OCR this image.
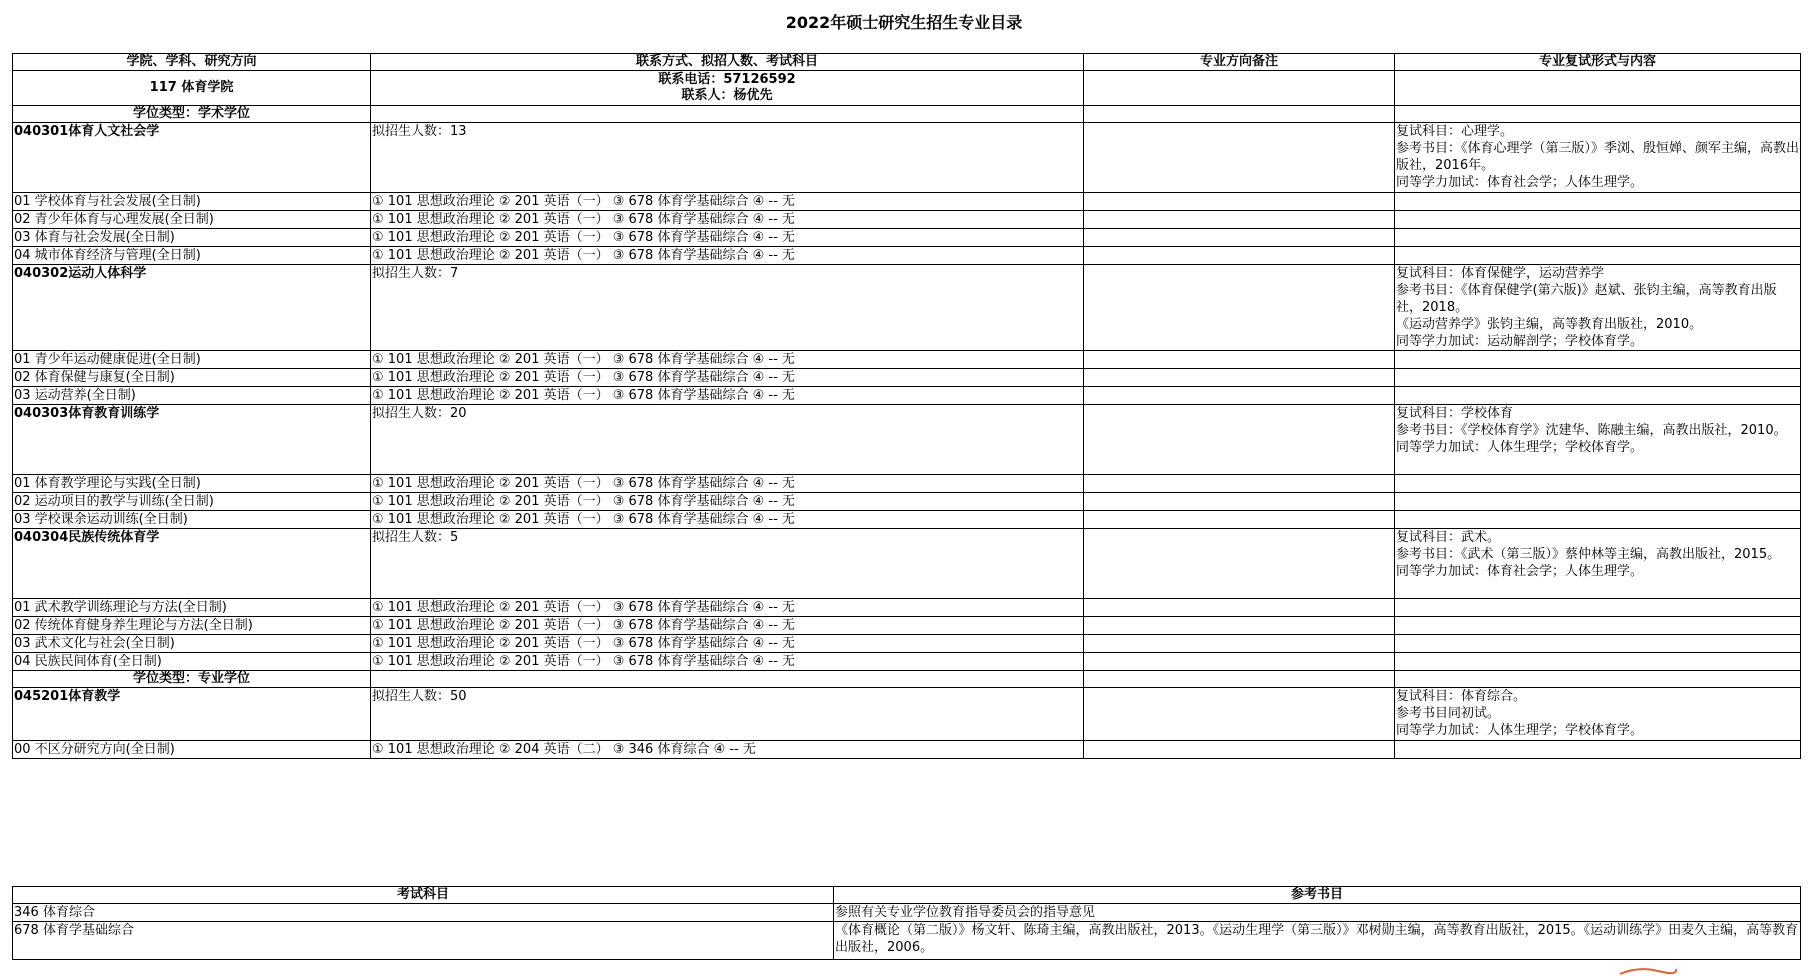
2022年硕士研究生招生专业目录
学院、学科、研究方向	联系方式、拟招人数、考试科目	专业方向备注	专业复试形式与内容
117 体育学院	联系电话：57126592
联系人：杨优先		
学位类型：学术学位			
040301体育人文社会学	拟招生人数：13		复试科目：心理学。
参考书目：《体育心理学（第三版）》季浏、殷恒婵、颜军主编，高教出版社，2016年。
同等学力加试：体育社会学；人体生理学。
01 学校体育与社会发展(全日制)	① 101 思想政治理论 ② 201 英语（一） ③ 678 体育学基础综合 ④ -- 无		
02 青少年体育与心理发展(全日制)	① 101 思想政治理论 ② 201 英语（一） ③ 678 体育学基础综合 ④ -- 无		
03 体育与社会发展(全日制)	① 101 思想政治理论 ② 201 英语（一） ③ 678 体育学基础综合 ④ -- 无		
04 城市体育经济与管理(全日制)	① 101 思想政治理论 ② 201 英语（一） ③ 678 体育学基础综合 ④ -- 无		
040302运动人体科学	拟招生人数：7		复试科目：体育保健学，运动营养学
参考书目：《体育保健学(第六版)》赵斌、张钧主编，高等教育出版社，2018。
《运动营养学》张钧主编，高等教育出版社，2010。
同等学力加试：运动解剖学；学校体育学。
01 青少年运动健康促进(全日制)	① 101 思想政治理论 ② 201 英语（一） ③ 678 体育学基础综合 ④ -- 无		
02 体育保健与康复(全日制)	① 101 思想政治理论 ② 201 英语（一） ③ 678 体育学基础综合 ④ -- 无		
03 运动营养(全日制)	① 101 思想政治理论 ② 201 英语（一） ③ 678 体育学基础综合 ④ -- 无		
040303体育教育训练学	拟招生人数：20		复试科目：学校体育
参考书目：《学校体育学》沈建华、陈融主编，高教出版社，2010。
同等学力加试：人体生理学；学校体育学。
01 体育教学理论与实践(全日制)	① 101 思想政治理论 ② 201 英语（一） ③ 678 体育学基础综合 ④ -- 无		
02 运动项目的教学与训练(全日制)	① 101 思想政治理论 ② 201 英语（一） ③ 678 体育学基础综合 ④ -- 无		
03 学校课余运动训练(全日制)	① 101 思想政治理论 ② 201 英语（一） ③ 678 体育学基础综合 ④ -- 无		
040304民族传统体育学	拟招生人数：5		复试科目：武术。
参考书目：《武术（第三版）》蔡仲林等主编，高教出版社，2015。
同等学力加试：体育社会学；人体生理学。
01 武术教学训练理论与方法(全日制)	① 101 思想政治理论 ② 201 英语（一） ③ 678 体育学基础综合 ④ -- 无		
02 传统体育健身养生理论与方法(全日制)	① 101 思想政治理论 ② 201 英语（一） ③ 678 体育学基础综合 ④ -- 无		
03 武术文化与社会(全日制)	① 101 思想政治理论 ② 201 英语（一） ③ 678 体育学基础综合 ④ -- 无		
04 民族民间体育(全日制)	① 101 思想政治理论 ② 201 英语（一） ③ 678 体育学基础综合 ④ -- 无		
学位类型：专业学位			
045201体育教学	拟招生人数：50		复试科目：体育综合。
参考书目同初试。
同等学力加试：人体生理学；学校体育学。
00 不区分研究方向(全日制)	① 101 思想政治理论 ② 204 英语（二） ③ 346 体育综合 ④ -- 无		
考试科目	参考书目
346 体育综合	参照有关专业学位教育指导委员会的指导意见
678 体育学基础综合	《体育概论（第二版）》杨文轩、陈琦主编，高教出版社，2013。《运动生理学（第三版）》邓树勋主编，高等教育出版社，2015。《运动训练学》田麦久主编，高等教育出版社，2006。
